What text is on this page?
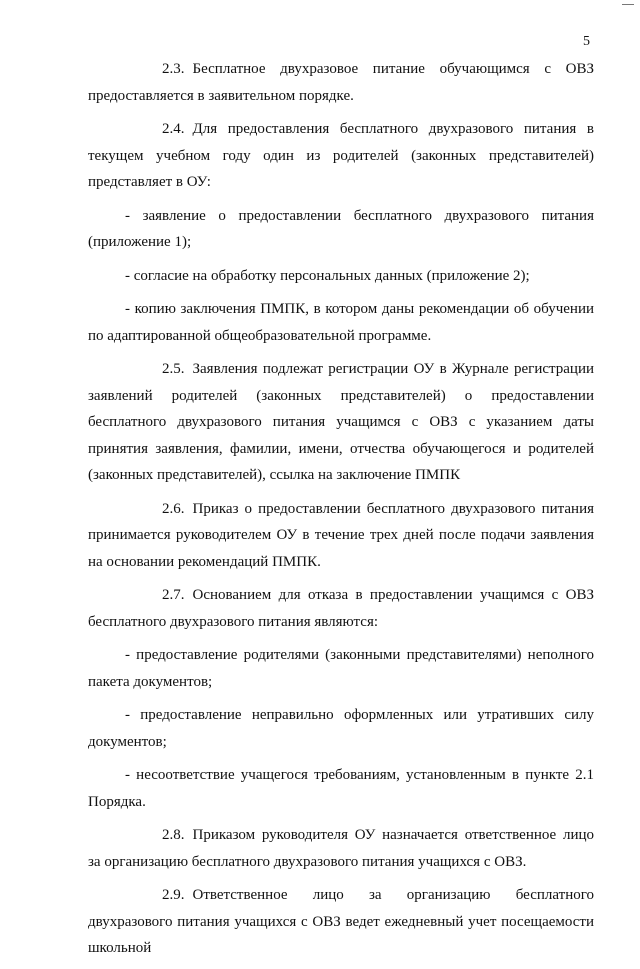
5

2.3. Бесплатное двухразовое питание обучающимся с ОВЗ предоставляется в заявительном порядке.

2.4. Для предоставления бесплатного двухразового питания в текущем учебном году один из родителей (законных представителей) представляет в ОУ:

- заявление о предоставлении бесплатного двухразового питания (приложение 1);

- согласие на обработку персональных данных (приложение 2);

- копию заключения ПМПК, в котором даны рекомендации об обучении по адаптированной общеобразовательной программе.

2.5. Заявления подлежат регистрации ОУ в Журнале регистрации заявлений родителей (законных представителей) о предоставлении бесплатного двухразового питания учащимся с ОВЗ с указанием даты принятия заявления, фамилии, имени, отчества обучающегося и родителей (законных представителей), ссылка на заключение ПМПК

2.6. Приказ о предоставлении бесплатного двухразового питания принимается руководителем ОУ в течение трех дней после подачи заявления на основании рекомендаций ПМПК.

2.7. Основанием для отказа в предоставлении учащимся с ОВЗ бесплатного двухразового питания являются:

- предоставление родителями (законными представителями) неполного пакета документов;

- предоставление неправильно оформленных или утративших силу документов;

- несоответствие учащегося требованиям, установленным в пункте 2.1 Порядка.

2.8. Приказом руководителя ОУ назначается ответственное лицо за организацию бесплатного двухразового питания учащихся с ОВЗ.

2.9. Ответственное лицо за организацию бесплатного двухразового питания учащихся с ОВЗ ведет ежедневный учет посещаемости школьной
